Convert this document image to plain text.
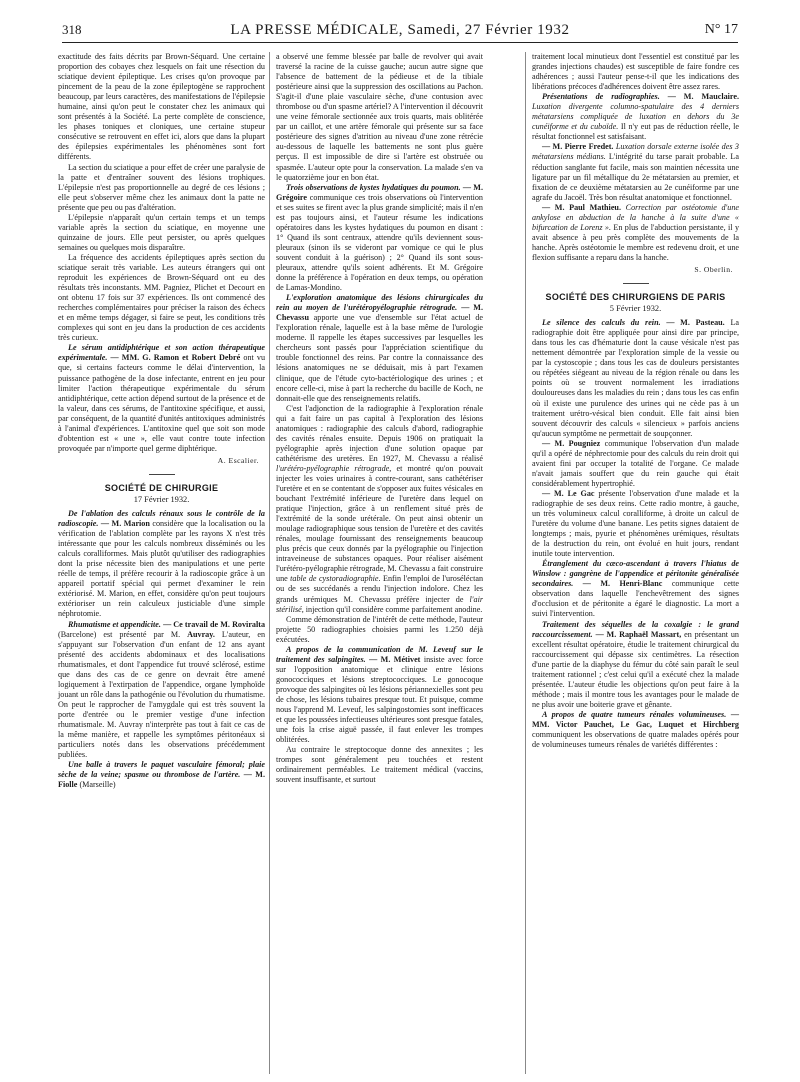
318	LA PRESSE MÉDICALE, Samedi, 27 Février 1932	N° 17

exactitude des faits décrits par Brown-Séquard. Une certaine proportion des cobayes chez lesquels on fait une résection du sciatique devient épileptique. Les crises qu'on provoque par pincement de la peau de la zone épileptogène se rapprochent beaucoup, par leurs caractères, des manifestations de l'épilepsie humaine, ainsi qu'on peut le constater chez les animaux qui sont présentés à la Société. La perte complète de conscience, les phases toniques et cloniques, une certaine stupeur consécutive se retrouvent en effet ici, alors que dans la plupart des épilepsies expérimentales les phénomènes sont fort différents.

La section du sciatique a pour effet de créer une paralysie de la patte et d'entraîner souvent des lésions trophiques. L'épilepsie n'est pas proportionnelle au degré de ces lésions ; elle peut s'observer même chez les animaux dont la patte ne présente que peu ou pas d'altération.

L'épilepsie n'apparaît qu'un certain temps et un temps variable après la section du sciatique, en moyenne une quinzaine de jours. Elle peut persister, ou après quelques semaines ou quelques mois disparaître.

La fréquence des accidents épileptiques après section du sciatique serait très variable. Les auteurs étrangers qui ont reproduit les expériences de Brown-Séquard ont eu des résultats très inconstants. MM. Pagniez, Plichet et Decourt en ont obtenu 17 fois sur 37 expériences. Ils ont commencé des recherches complémentaires pour préciser la raison des échecs et en même temps dégager, si faire se peut, les conditions très complexes qui sont en jeu dans la production de ces accidents très curieux.

Le sérum antidiphtérique et son action thérapeutique expérimentale. — MM. G. Ramon et Robert Debré ont vu que, si certains facteurs comme le délai d'intervention, la puissance pathogène de la dose infectante, entrent en jeu pour limiter l'action thérapeutique expérimentale du sérum antidiphtérique, cette action dépend surtout de la présence et de la valeur, dans ces sérums, de l'antitoxine spécifique, et aussi, par conséquent, de la quantité d'unités antitoxiques administrés à l'animal d'expériences. L'antitoxine quel que soit son mode d'obtention est « une », elle vaut contre toute infection provoquée par n'importe quel germe diphtérique.

A. Escalier.
SOCIÉTÉ DE CHIRURGIE
17 Février 1932.

De l'ablation des calculs rénaux sous le contrôle de la radioscopie. — M. Marion considère que la localisation ou la vérification de l'ablation complète par les rayons X n'est très intéressante que pour les calculs nombreux disséminés ou les calculs coralliformes. Mais plutôt qu'utiliser des radiographies dont la prise nécessite bien des manipulations et une perte réelle de temps, il préfère recourir à la radioscopie grâce à un appareil portatif spécial qui permet d'examiner le rein extériorisé. M. Marion, en effet, considère qu'on peut toujours extérioriser un rein calculeux justiciable d'une simple néphrotomie.

Rhumatisme et appendicite. — Ce travail de M. Roviralta (Barcelone) est présenté par M. Auvray. L'auteur, en s'appuyant sur l'observation d'un enfant de 12 ans ayant présenté des accidents abdominaux et des localisations rhumatismales, et dont l'appendice fut trouvé sclérosé, estime que dans des cas de ce genre on devrait être amené logiquement à l'extirpation de l'appendice, organe lymphoïde jouant un rôle dans la pathogénie ou l'évolution du rhumatisme. On peut le rapprocher de l'amygdale qui est très souvent la porte d'entrée ou le premier vestige d'une infection rhumatismale. M. Auvray n'interprète pas tout à fait ce cas de la même manière, et rappelle les symptômes péritonéaux si particuliers notés dans les observations précédemment publiées.

Une balle à travers le paquet vasculaire fémoral; plaie sèche de la veine; spasme ou thrombose de l'artère. — M. Fiolle (Marseille)

a observé une femme blessée par balle de revolver qui avait traversé la racine de la cuisse gauche; aucun autre signe que l'absence de battement de la pédieuse et de la tibiale postérieure ainsi que la suppression des oscillations au Pachon. S'agit-il d'une plaie vasculaire sèche, d'une contusion avec thrombose ou d'un spasme artériel? A l'intervention il découvrit une veine fémorale sectionnée aux trois quarts, mais oblitérée par un caillot, et une artère fémorale qui présente sur sa face postérieure des signes d'atrition au niveau d'une zone rétrécie au-dessous de laquelle les battements ne sont plus guère perçus. Il est impossible de dire si l'artère est obstruée ou spasmée. L'auteur opte pour la conservation. La malade s'en va le quatorzième jour en bon état.

Trois observations de kystes hydatiques du poumon. — M. Grégoire communique ces trois observations où l'intervention et ses suites se firent avec la plus grande simplicité; mais il n'en est pas toujours ainsi, et l'auteur résume les indications opératoires dans les kystes hydatiques du poumon en disant : 1° Quand ils sont centraux, attendre qu'ils deviennent sous-pleuraux (sinon ils se videront par vomique ce qui le plus souvent conduit à la guérison) ; 2° Quand ils sont sous-pleuraux, attendre qu'ils soient adhérents. Et M. Grégoire donne la préférence à l'opération en deux temps, ou opération de Lamas-Mondino.

L'exploration anatomique des lésions chirurgicales du rein au moyen de l'urétéropyélographie rétrograde. — M. Chevassu apporte une vue d'ensemble sur l'état actuel de l'exploration rénale, laquelle est à la base même de l'urologie moderne. Il rappelle les étapes successives par lesquelles les chercheurs sont passés pour l'appréciation scientifique du trouble fonctionnel des reins. Par contre la connaissance des lésions anatomiques ne se déduisait, mis à part l'examen clinique, que de l'étude cyto-bactériologique des urines ; et encore celle-ci, mise à part la recherche du bacille de Koch, ne donnait-elle que des renseignements relatifs.

C'est l'adjonction de la radiographie à l'exploration rénale qui a fait faire un pas capital à l'exploration des lésions anatomiques : radiographie des calculs d'abord, radiographie des cavités rénales ensuite. Depuis 1906 on pratiquait la pyélographie après injection d'une solution opaque par cathétérisme des uretères. En 1927, M. Chevassu a réalisé l'urétéro-pyélographie rétrograde, et montré qu'on pouvait injecter les voies urinaires à contre-courant, sans cathétériser l'uretère et en se contentant de s'opposer aux fuites vésicales en bouchant l'extrémité inférieure de l'uretère dans lequel on pratique l'injection, grâce à un renflement situé près de l'extrémité de la sonde urétérale. On peut ainsi obtenir un moulage radiographique sous tension de l'uretère et des cavités rénales, moulage fournissant des renseignements beaucoup plus précis que ceux donnés par la pyélographie ou l'injection intraveineuse de substances opaques. Pour réaliser aisément l'urétéro-pyélographie rétrograde, M. Chevassu a fait construire une table de cystoradiographie. Enfin l'emploi de l'uroséléctan ou de ses succédanés a rendu l'injection indolore. Chez les grands urémiques M. Chevassu préfère injecter de l'air stérilisé, injection qu'il considère comme parfaitement anodine.

Comme démonstration de l'intérêt de cette méthode, l'auteur projette 50 radiographies choisies parmi les 1.250 déjà exécutées.

A propos de la communication de M. Leveuf sur le traitement des salpingites. — M. Métivet insiste avec force sur l'opposition anatomique et clinique entre lésions gonococciques et lésions streptococciques. Le gonocoque provoque des salpingites où les lésions périannexielles sont peu de chose, les lésions tubaires presque tout. Et puisque, comme nous l'apprend M. Leveuf, les salpingostomies sont inefficaces et que les poussées infectieuses ultérieures sont presque fatales, une fois la crise aiguë passée, il faut enlever les trompes oblitérées.

Au contraire le streptocoque donne des annexites ; les trompes sont généralement peu touchées et restent ordinairement perméables. Le traitement médical (vaccins, souvent insuffisante, et surtout

traitement local minutieux dont l'essentiel est constitué par les grandes injections chaudes) est susceptible de faire fondre ces adhérences ; aussi l'auteur pense-t-il que les indications des libérations précoces d'adhérences doivent être assez rares.

Présentations de radiographies. — M. Mauclaire. Luxation divergente columno-spatulaire des 4 derniers métatarsiens compliquée de luxation en dehors du 3e cunéiforme et du cuboïde. Il n'y eut pas de réduction réelle, le résultat fonctionnel est satisfaisant.

— M. Pierre Fredet. Luxation dorsale externe isolée des 3 métatarsiens médians. L'intégrité du tarse parait probable. La réduction sanglante fut facile, mais son maintien nécessita une ligature par un fil métallique du 2e métatarsien au premier, et fixation de ce deuxième métatarsien au 2e cunéiforme par une agrafe du Jacoël. Très bon résultat anatomique et fonctionnel.

— M. Paul Mathieu. Correction par ostéotomie d'une ankylose en abduction de la hanche à la suite d'une « bifurcation de Lorenz ». En plus de l'abduction persistante, il y avait absence à peu près complète des mouvements de la hanche. Après ostéotomie le membre est redevenu droit, et une flexion suffisante a reparu dans la hanche.

S. Oberlin.
SOCIÉTÉ DES CHIRURGIENS DE PARIS
5 Février 1932.

Le silence des calculs du rein. — M. Pasteau. La radiographie doit être appliquée pour ainsi dire par principe, dans tous les cas d'hématurie dont la cause vésicale n'est pas nettement démontrée par l'exploration simple de la vessie ou par la cystoscopie ; dans tous les cas de douleurs persistantes ou répétées siégeant au niveau de la région rénale ou dans les points où se trouvent normalement les irradiations douloureuses dans les maladies du rein ; dans tous les cas enfin où il existe une purulence des urines qui ne cède pas à un traitement urétro-vésical bien conduit. Elle fait ainsi bien souvent découvrir des calculs « silencieux » parfois anciens qu'aucun symptôme ne permettait de soupçonner.

— M. Pougniez communique l'observation d'un malade qu'il a opéré de néphrectomie pour des calculs du rein droit qui avaient fini par occuper la totalité de l'organe. Ce malade n'avait jamais souffert que du rein gauche qui était considérablement hypertrophié.

— M. Le Gac présente l'observation d'une malade et la radiographie de ses deux reins. Cette radio montre, à gauche, un très volumineux calcul coralliforme, à droite un calcul de l'uretère du volume d'une banane. Les petits signes dataient de longtemps ; mais, pyurie et phénomènes urémiques, résultats de la destruction du rein, ont évolué en huit jours, rendant inutile toute intervention.

Étranglement du cæco-ascendant à travers l'hiatus de Winslow : gangrène de l'appendice et péritonite généralisée secondaires. — M. Henri-Blanc communique cette observation dans laquelle l'enchevêtrement des signes d'occlusion et de péritonite a égaré le diagnostic. La mort a suivi l'intervention.

Traitement des séquelles de la coxalgie : le grand raccourcissement. — M. Raphaël Massart, en présentant un excellent résultat opératoire, étudie le traitement chirurgical du raccourcissement qui dépasse six centimètres. La résection d'une partie de la diaphyse du fémur du côté sain paraît le seul traitement rationnel ; c'est celui qu'il a exécuté chez la malade présentée. L'auteur étudie les objections qu'on peut faire à la méthode ; mais il montre tous les avantages pour le malade de ne plus avoir une boiterie grave et gênante.

A propos de quatre tumeurs rénales volumineuses. — MM. Victor Pauchet, Le Gac, Luquet et Hirchberg communiquent les observations de quatre malades opérés pour de volumineuses tumeurs rénales de variétés différentes :
